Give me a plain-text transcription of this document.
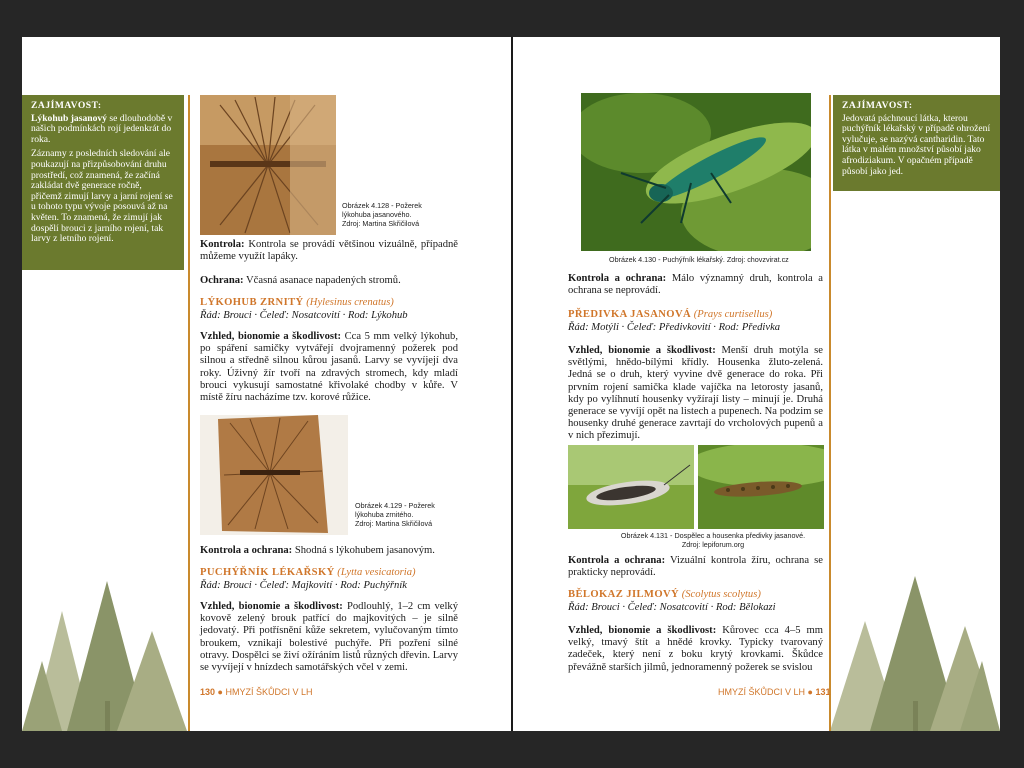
ZAJÍMAVOST:

Lýkohub jasanový se dlouhodobě v našich podmínkách rojí jedenkrát do roka.

Záznamy z posledních sledování ale poukazují na přizpůsobování druhu prostředí, což znamená, že začíná zakládat dvě generace ročně, přičemž zimují larvy a jarní rojení se u tohoto typu vývoje posouvá až na květen. To znamená, že zimují jak dospělí brouci z jarního rojení, tak larvy z letního rojení.

Obrázek 4.128 - Požerek lýkohuba jasanového.
Zdroj: Martina Skřičilová

Kontrola: Kontrola se provádí většinou vizuálně, případně můžeme využít lapáky.

Ochrana: Včasná asanace napadených stromů.

LÝKOHUB ZRNITÝ (Hylesinus crenatus)
Řád: Brouci · Čeleď: Nosatcovití · Rod: Lýkohub

Vzhled, bionomie a škodlivost: Cca 5 mm velký lýkohub, po spáření samičky vytvářejí dvojramenný požerek pod silnou a středně silnou kůrou jasanů. Larvy se vyvíjejí dva roky. Úživný žír tvoří na zdravých stromech, kdy mladí brouci vykusují samostatné křivolaké chodby v kůře. V místě žíru nacházíme tzv. korové růžice.

Obrázek 4.129 - Požerek lýkohuba zrnitého.
Zdroj: Martina Skřičilová

Kontrola a ochrana: Shodná s lýkohubem jasanovým.

PUCHÝŘNÍK LÉKAŘSKÝ (Lytta vesicatoria)
Řád: Brouci · Čeleď: Majkovití · Rod: Puchýřník

Vzhled, bionomie a škodlivost: Podlouhlý, 1–2 cm velký kovově zelený brouk patřící do majkovitých – je silně jedovatý. Při potřísnění kůže sekretem, vylučovaným tímto broukem, vznikají bolestivé puchýře. Při pozření silné otravy. Dospělci se živí ožíráním listů různých dřevin. Larvy se vyvíjejí v hnízdech samotářských včel v zemi.

130 ● HMYZÍ ŠKŮDCI V LH
Obrázek 4.130 - Puchýřník lékařský. Zdroj: chovzvirat.cz

Kontrola a ochrana: Málo významný druh, kontrola a ochrana se neprovádí.

PŘEDIVKA JASANOVÁ (Prays curtisellus)
Řád: Motýli · Čeleď: Předivkovití · Rod: Předivka

Vzhled, bionomie a škodlivost: Menší druh motýla se světlými, hnědo-bílými křídly. Housenka žluto-zelená. Jedná se o druh, který vyvine dvě generace do roka. Při prvním rojení samička klade vajíčka na letorosty jasanů, kdy po vylíhnutí housenky vyžírají listy – minují je. Druhá generace se vyvíjí opět na listech a pupenech. Na podzim se housenky druhé generace zavrtají do vrcholových pupenů a v nich přezimují.

Obrázek 4.131 - Dospělec a housenka předivky jasanové.
Zdroj: lepiforum.org

Kontrola a ochrana: Vizuální kontrola žíru, ochrana se prakticky neprovádí.

BĚLOKAZ JILMOVÝ (Scolytus scolytus)
Řád: Brouci · Čeleď: Nosatcovití · Rod: Bělokazi

Vzhled, bionomie a škodlivost: Kůrovec cca 4–5 mm velký, tmavý štít a hnědé krovky. Typicky tvarovaný zadeček, který není z boku krytý krovkami. Škůdce převážně starších jilmů, jednoramenný požerek se svislou

ZAJÍMAVOST:

Jedovatá páchnoucí látka, kterou puchýřník lékařský v případě ohrožení vylučuje, se nazývá cantharidin. Tato látka v malém množství působí jako afrodiziakum. V opačném případě působí jako jed.

HMYZÍ ŠKŮDCI V LH ● 131
